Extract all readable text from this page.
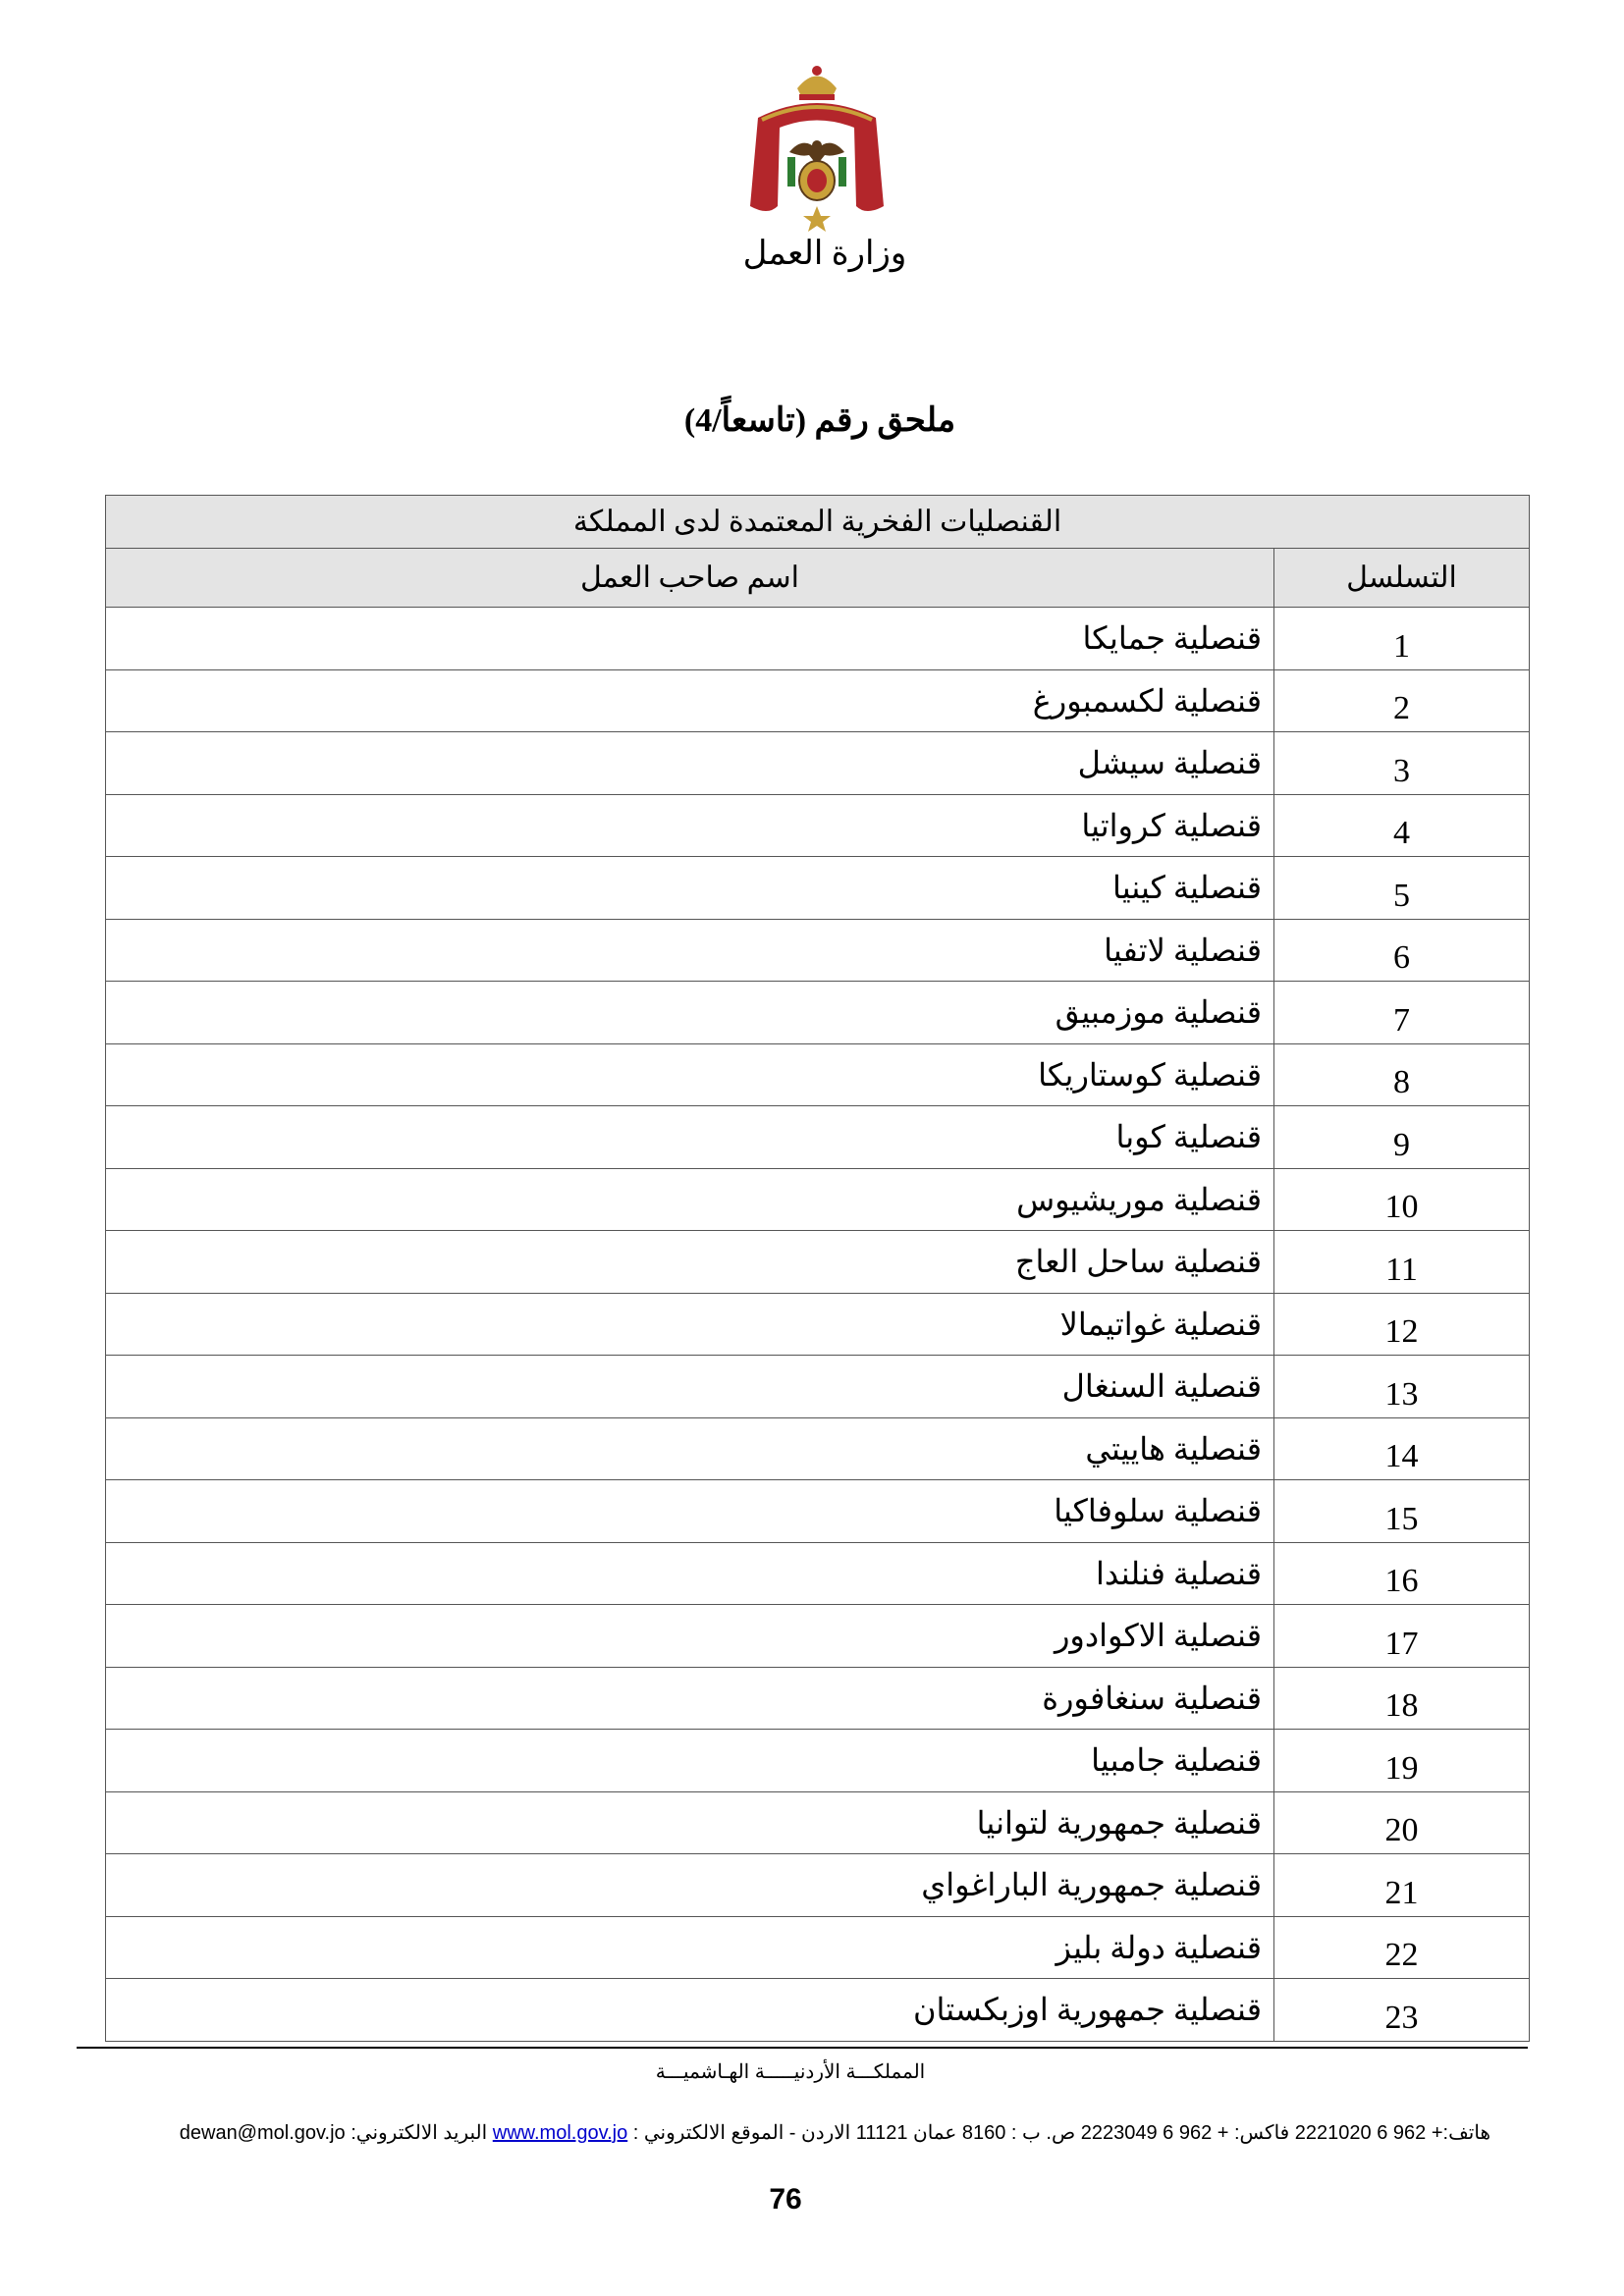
وزارة العمل
ملحق رقم (تاسعاً/4)
القنصليات الفخرية المعتمدة لدى المملكة	
اسم صاحب العمل	التسلسل
قنصلية جمايكا	1
قنصلية لكسمبورغ	2
قنصلية سيشل	3
قنصلية كرواتيا	4
قنصلية كينيا	5
قنصلية لاتفيا	6
قنصلية موزمبيق	7
قنصلية كوستاريكا	8
قنصلية كوبا	9
قنصلية موريشيوس	10
قنصلية ساحل العاج	11
قنصلية غواتيمالا	12
قنصلية السنغال	13
قنصلية هاييتي	14
قنصلية سلوفاكيا	15
قنصلية فنلندا	16
قنصلية الاكوادور	17
قنصلية سنغافورة	18
قنصلية جامبيا	19
قنصلية جمهورية لتوانيا	20
قنصلية جمهورية الباراغواي	21
قنصلية دولة بليز	22
قنصلية جمهورية اوزبكستان	23
المملكـــة الأردنيـــــة الهـاشميـــة
هاتف:+ 962 6 2221020 فاكس: + 962 6 2223049 ص. ب : 8160 عمان 11121 الاردن - الموقع الالكتروني : www.mol.gov.jo البريد الالكتروني: dewan@mol.gov.jo
76
